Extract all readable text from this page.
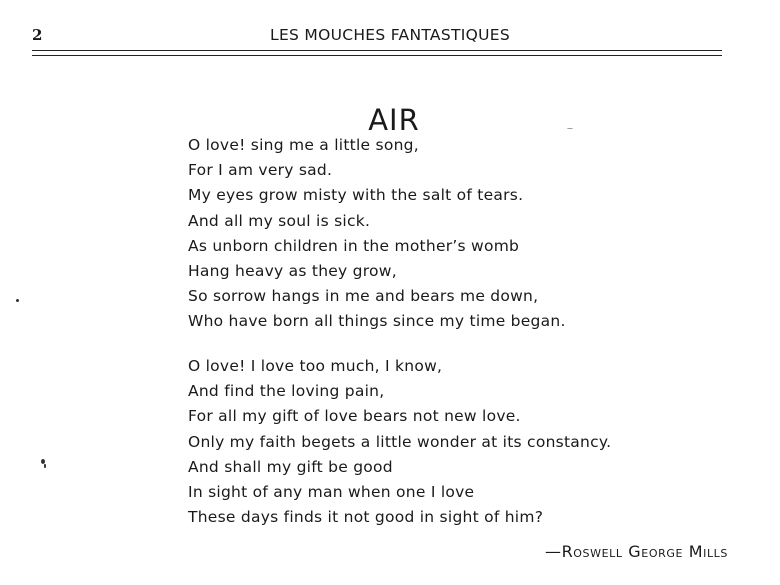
2	LES MOUCHES FANTASTIQUES
AIR
O love! sing me a little song,
For I am very sad.
My eyes grow misty with the salt of tears.
And all my soul is sick.
As unborn children in the mother’s womb
Hang heavy as they grow,
So sorrow hangs in me and bears me down,
Who have born all things since my time began.
O love! I love too much, I know,
And find the loving pain,
For all my gift of love bears not new love.
Only my faith begets a little wonder at its constancy.
And shall my gift be good
In sight of any man when one I love
These days finds it not good in sight of him?
—Roswell George Mills
